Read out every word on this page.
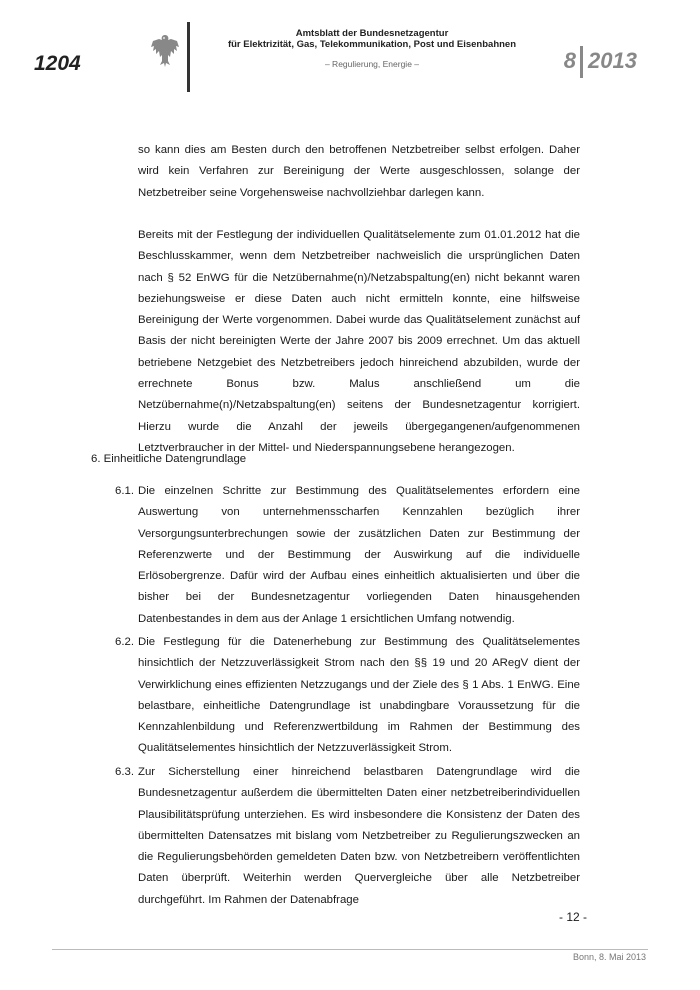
1204
Amtsblatt der Bundesnetzagentur
für Elektrizität, Gas, Telekommunikation, Post und Eisenbahnen
– Regulierung, Energie –	8 2013
so kann dies am Besten durch den betroffenen Netzbetreiber selbst erfolgen. Daher wird kein Verfahren zur Bereinigung der Werte ausgeschlossen, solange der Netzbetreiber seine Vorgehensweise nachvollziehbar darlegen kann.
Bereits mit der Festlegung der individuellen Qualitätselemente zum 01.01.2012 hat die Beschlusskammer, wenn dem Netzbetreiber nachweislich die ursprünglichen Daten nach § 52 EnWG für die Netzübernahme(n)/Netzabspaltung(en) nicht bekannt waren beziehungsweise er diese Daten auch nicht ermitteln konnte, eine hilfsweise Bereinigung der Werte vorgenommen. Dabei wurde das Qualitätselement zunächst auf Basis der nicht bereinigten Werte der Jahre 2007 bis 2009 errechnet. Um das aktuell betriebene Netzgebiet des Netzbetreibers jedoch hinreichend abzubilden, wurde der errechnete Bonus bzw. Malus anschließend um die Netzübernahme(n)/Netzabspaltung(en) seitens der Bundesnetzagentur korrigiert. Hierzu wurde die Anzahl der jeweils übergegangenen/aufgenommenen Letztverbraucher in der Mittel- und Niederspannungsebene herangezogen.
6. Einheitliche Datengrundlage
6.1. Die einzelnen Schritte zur Bestimmung des Qualitätselementes erfordern eine Auswertung von unternehmensscharfen Kennzahlen bezüglich ihrer Versorgungsunterbrechungen sowie der zusätzlichen Daten zur Bestimmung der Referenzwerte und der Bestimmung der Auswirkung auf die individuelle Erlösobergrenze. Dafür wird der Aufbau eines einheitlich aktualisierten und über die bisher bei der Bundesnetzagentur vorliegenden Daten hinausgehenden Datenbestandes in dem aus der Anlage 1 ersichtlichen Umfang notwendig.
6.2. Die Festlegung für die Datenerhebung zur Bestimmung des Qualitätselementes hinsichtlich der Netzzuverlässigkeit Strom nach den §§ 19 und 20 ARegV dient der Verwirklichung eines effizienten Netzzugangs und der Ziele des § 1 Abs. 1 EnWG. Eine belastbare, einheitliche Datengrundlage ist unabdingbare Voraussetzung für die Kennzahlenbildung und Referenzwertbildung im Rahmen der Bestimmung des Qualitätselementes hinsichtlich der Netzzuverlässigkeit Strom.
6.3. Zur Sicherstellung einer hinreichend belastbaren Datengrundlage wird die Bundesnetzagentur außerdem die übermittelten Daten einer netzbetreiberindividuellen Plausibilitätsprüfung unterziehen. Es wird insbesondere die Konsistenz der Daten des übermittelten Datensatzes mit bislang vom Netzbetreiber zu Regulierungszwecken an die Regulierungsbehörden gemeldeten Daten bzw. von Netzbetreibern veröffentlichten Daten überprüft. Weiterhin werden Quervergleiche über alle Netzbetreiber durchgeführt. Im Rahmen der Datenabfrage
- 12 -
Bonn, 8. Mai 2013
